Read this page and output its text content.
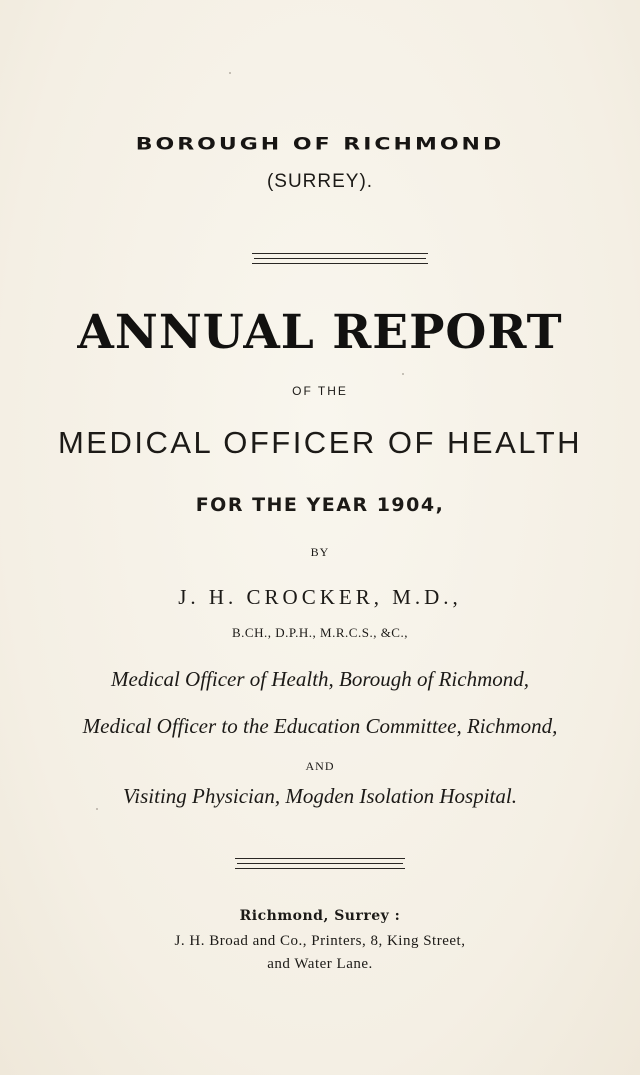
BOROUGH OF RICHMOND
(SURREY).
ANNUAL REPORT
OF THE
MEDICAL OFFICER OF HEALTH
FOR THE YEAR 1904,
BY
J. H. CROCKER, M.D.,
B.CH., D.P.H., M.R.C.S., &C.,
Medical Officer of Health, Borough of Richmond,
Medical Officer to the Education Committee, Richmond,
AND
Visiting Physician, Mogden Isolation Hospital.
Richmond, Surrey :
J. H. Broad and Co., Printers, 8, King Street,
and Water Lane.
